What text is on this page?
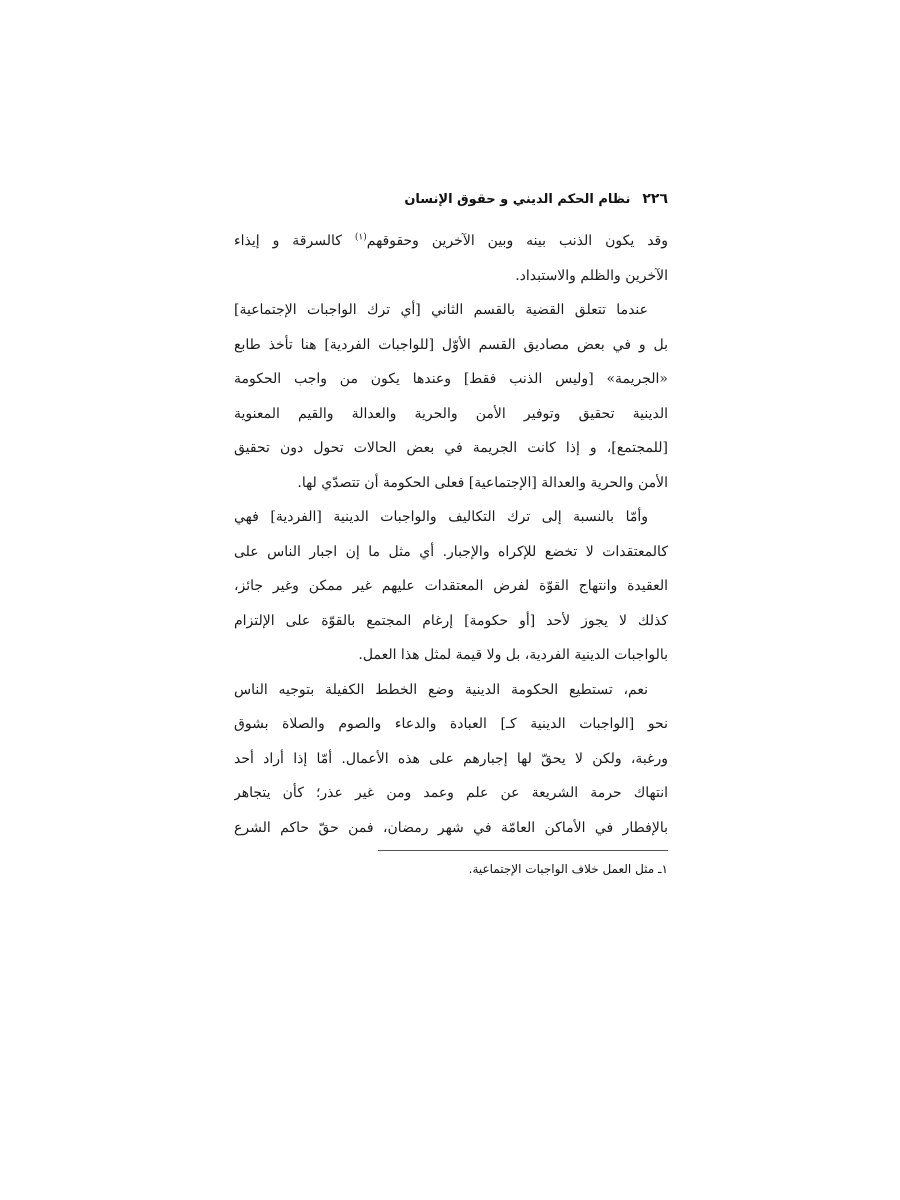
٢٢٦
نظام الحكم الديني و حقوق الإنسان

وقد يكون الذنب بينه وبين الآخرين وحقوقهم$^{(١)}$ كالسرقة و إيذاء
الآخرين والظلم والاستبداد.

عندما تتعلق القضية بالقسم الثاني [أي ترك الواجبات الإجتماعية]
بل و في بعض مصاديق القسم الأوّل [للواجبات الفردية] هنا تأخذ طابع
«الجريمة» [وليس الذنب فقط] وعندها يكون من واجب الحكومة
الدينية تحقيق وتوفير الأمن والحرية والعدالة والقيم المعنوية
[للمجتمع]، و إذا كانت الجريمة في بعض الحالات تحول دون تحقيق
الأمن والحرية والعدالة [الإجتماعية] فعلى الحكومة أن تتصدّي لها.

وأمّا بالنسبة إلى ترك التكاليف والواجبات الدينية [الفردية] فهي
كالمعتقدات لا تخضع للإكراه والإجبار. أي مثل ما إن اجبار الناس على
العقيدة وانتهاج القوّة لفرض المعتقدات عليهم غير ممكن وغير جائز،
كذلك لا يجوز لأحد [أو حكومة] إرغام المجتمع بالقوّة على الإلتزام
بالواجبات الدينية الفردية، بل ولا قيمة لمثل هذا العمل.

نعم، تستطيع الحكومة الدينية وضع الخطط الكفيلة بتوجيه الناس
نحو [الواجبات الدينية كـ] العبادة والدعاء والصوم والصلاة بشوق
ورغبة، ولكن لا يحقّ لها إجبارهم على هذه الأعمال. أمّا إذا أراد أحد
انتهاك حرمة الشريعة عن علم وعمد ومن غير عذر؛ كأن يتجاهر
بالإفطار في الأماكن العامّة في شهر رمضان، فمن حقّ حاكم الشرع

١ـ مثل العمل خلاف الواجبات الإجتماعية.
